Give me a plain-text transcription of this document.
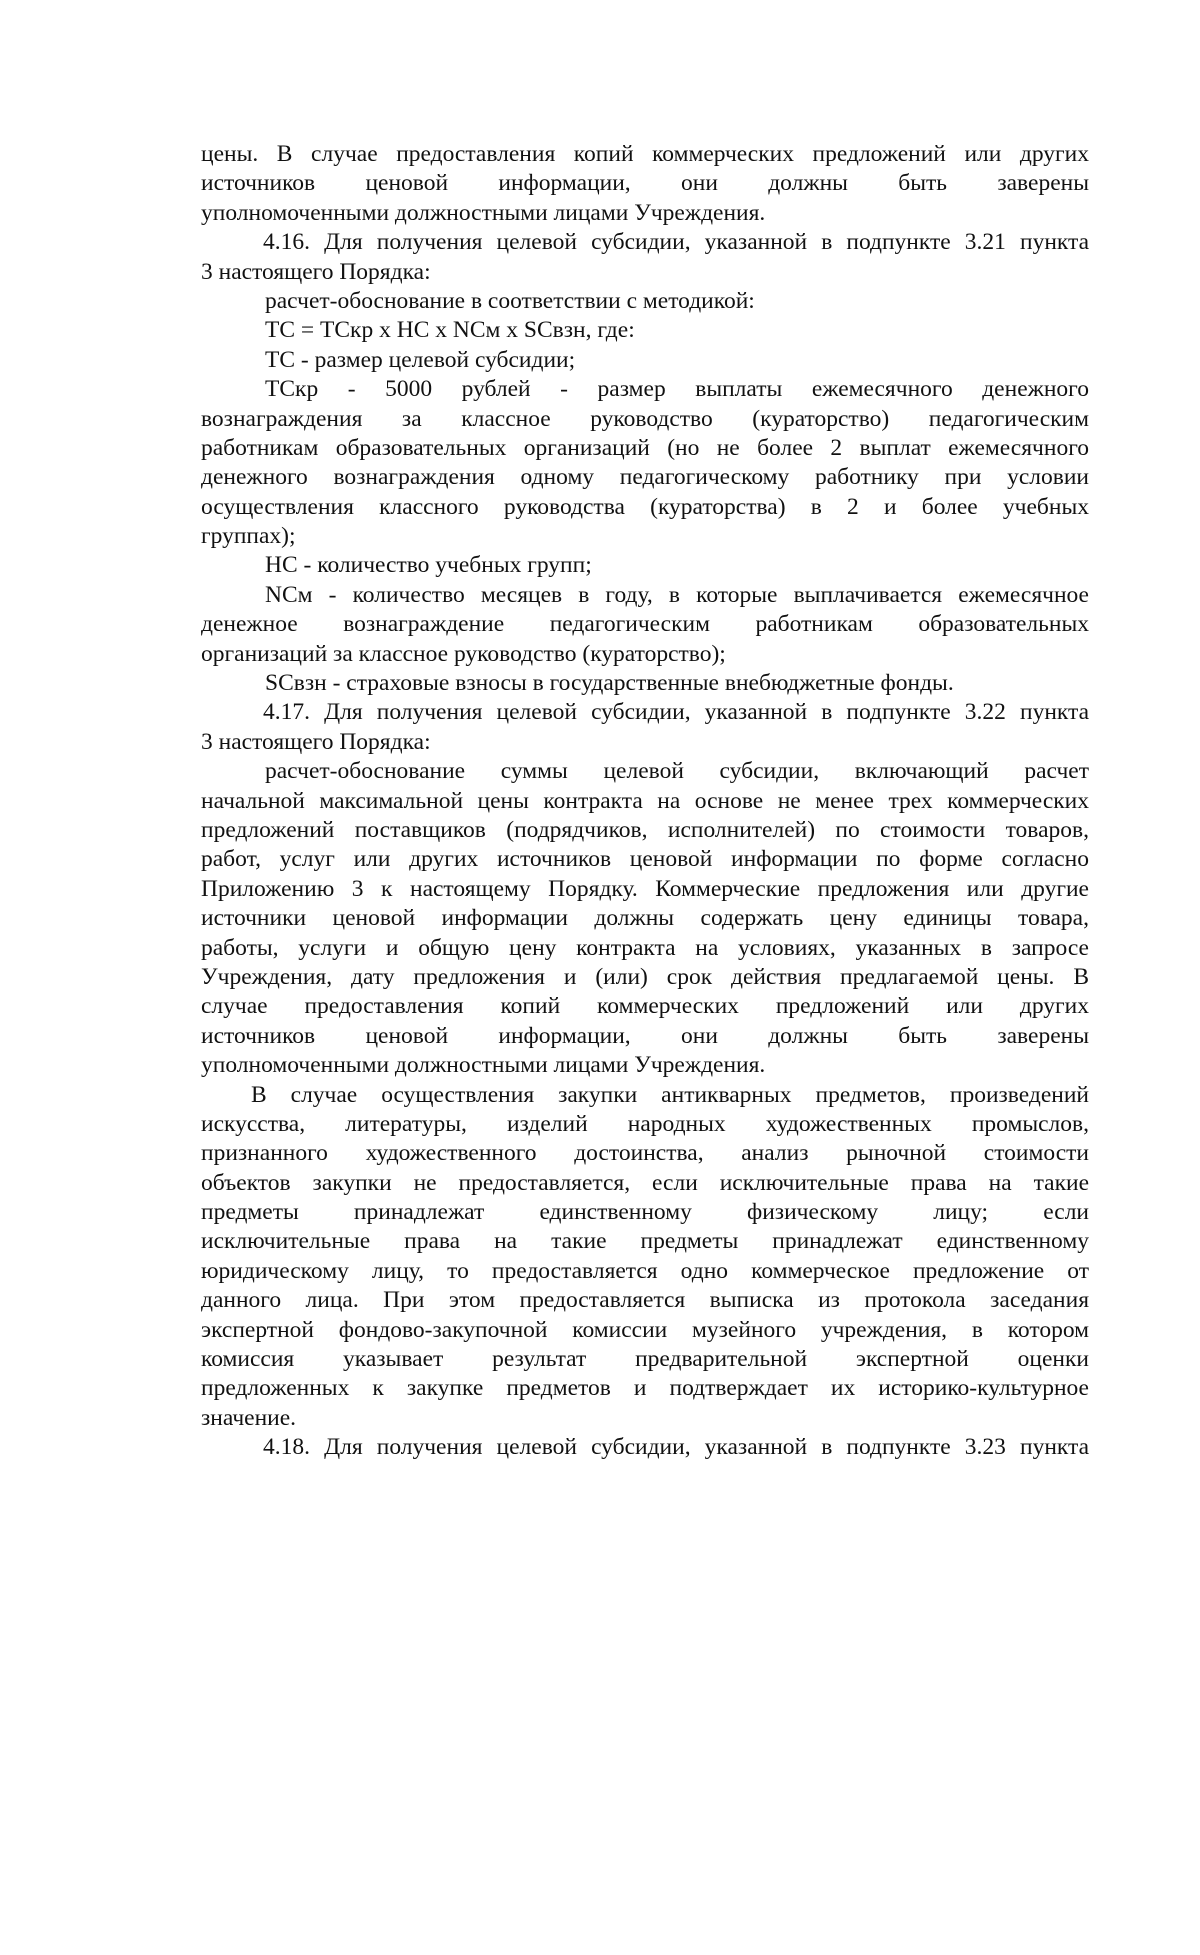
цены. В случае предоставления копий коммерческих предложений или других
источников ценовой информации, они должны быть заверены
уполномоченными должностными лицами Учреждения.
4.16. Для получения целевой субсидии, указанной в подпункте 3.21 пункта
3 настоящего Порядка:
расчет-обоснование в соответствии с методикой:
ТС = ТСкр х НС х NСм х SСвзн, где:
ТС - размер целевой субсидии;
ТСкр - 5000 рублей - размер выплаты ежемесячного денежного
вознаграждения за классное руководство (кураторство) педагогическим
работникам образовательных организаций (но не более 2 выплат ежемесячного
денежного вознаграждения одному педагогическому работнику при условии
осуществления классного руководства (кураторства) в 2 и более учебных
группах);
НС - количество учебных групп;
NСм - количество месяцев в году, в которые выплачивается ежемесячное
денежное вознаграждение педагогическим работникам образовательных
организаций за классное руководство (кураторство);
SСвзн - страховые взносы в государственные внебюджетные фонды.
4.17. Для получения целевой субсидии, указанной в подпункте 3.22 пункта
3 настоящего Порядка:
расчет-обоснование суммы целевой субсидии, включающий расчет
начальной максимальной цены контракта на основе не менее трех коммерческих
предложений поставщиков (подрядчиков, исполнителей) по стоимости товаров,
работ, услуг или других источников ценовой информации по форме согласно
Приложению 3 к настоящему Порядку. Коммерческие предложения или другие
источники ценовой информации должны содержать цену единицы товара,
работы, услуги и общую цену контракта на условиях, указанных в запросе
Учреждения, дату предложения и (или) срок действия предлагаемой цены. В
случае предоставления копий коммерческих предложений или других
источников ценовой информации, они должны быть заверены
уполномоченными должностными лицами Учреждения.
В случае осуществления закупки антикварных предметов, произведений
искусства, литературы, изделий народных художественных промыслов,
признанного художественного достоинства, анализ рыночной стоимости
объектов закупки не предоставляется, если исключительные права на такие
предметы принадлежат единственному физическому лицу; если
исключительные права на такие предметы принадлежат единственному
юридическому лицу, то предоставляется одно коммерческое предложение от
данного лица. При этом предоставляется выписка из протокола заседания
экспертной фондово-закупочной комиссии музейного учреждения, в котором
комиссия указывает результат предварительной экспертной оценки
предложенных к закупке предметов и подтверждает их историко-культурное
значение.
4.18. Для получения целевой субсидии, указанной в подпункте 3.23 пункта
